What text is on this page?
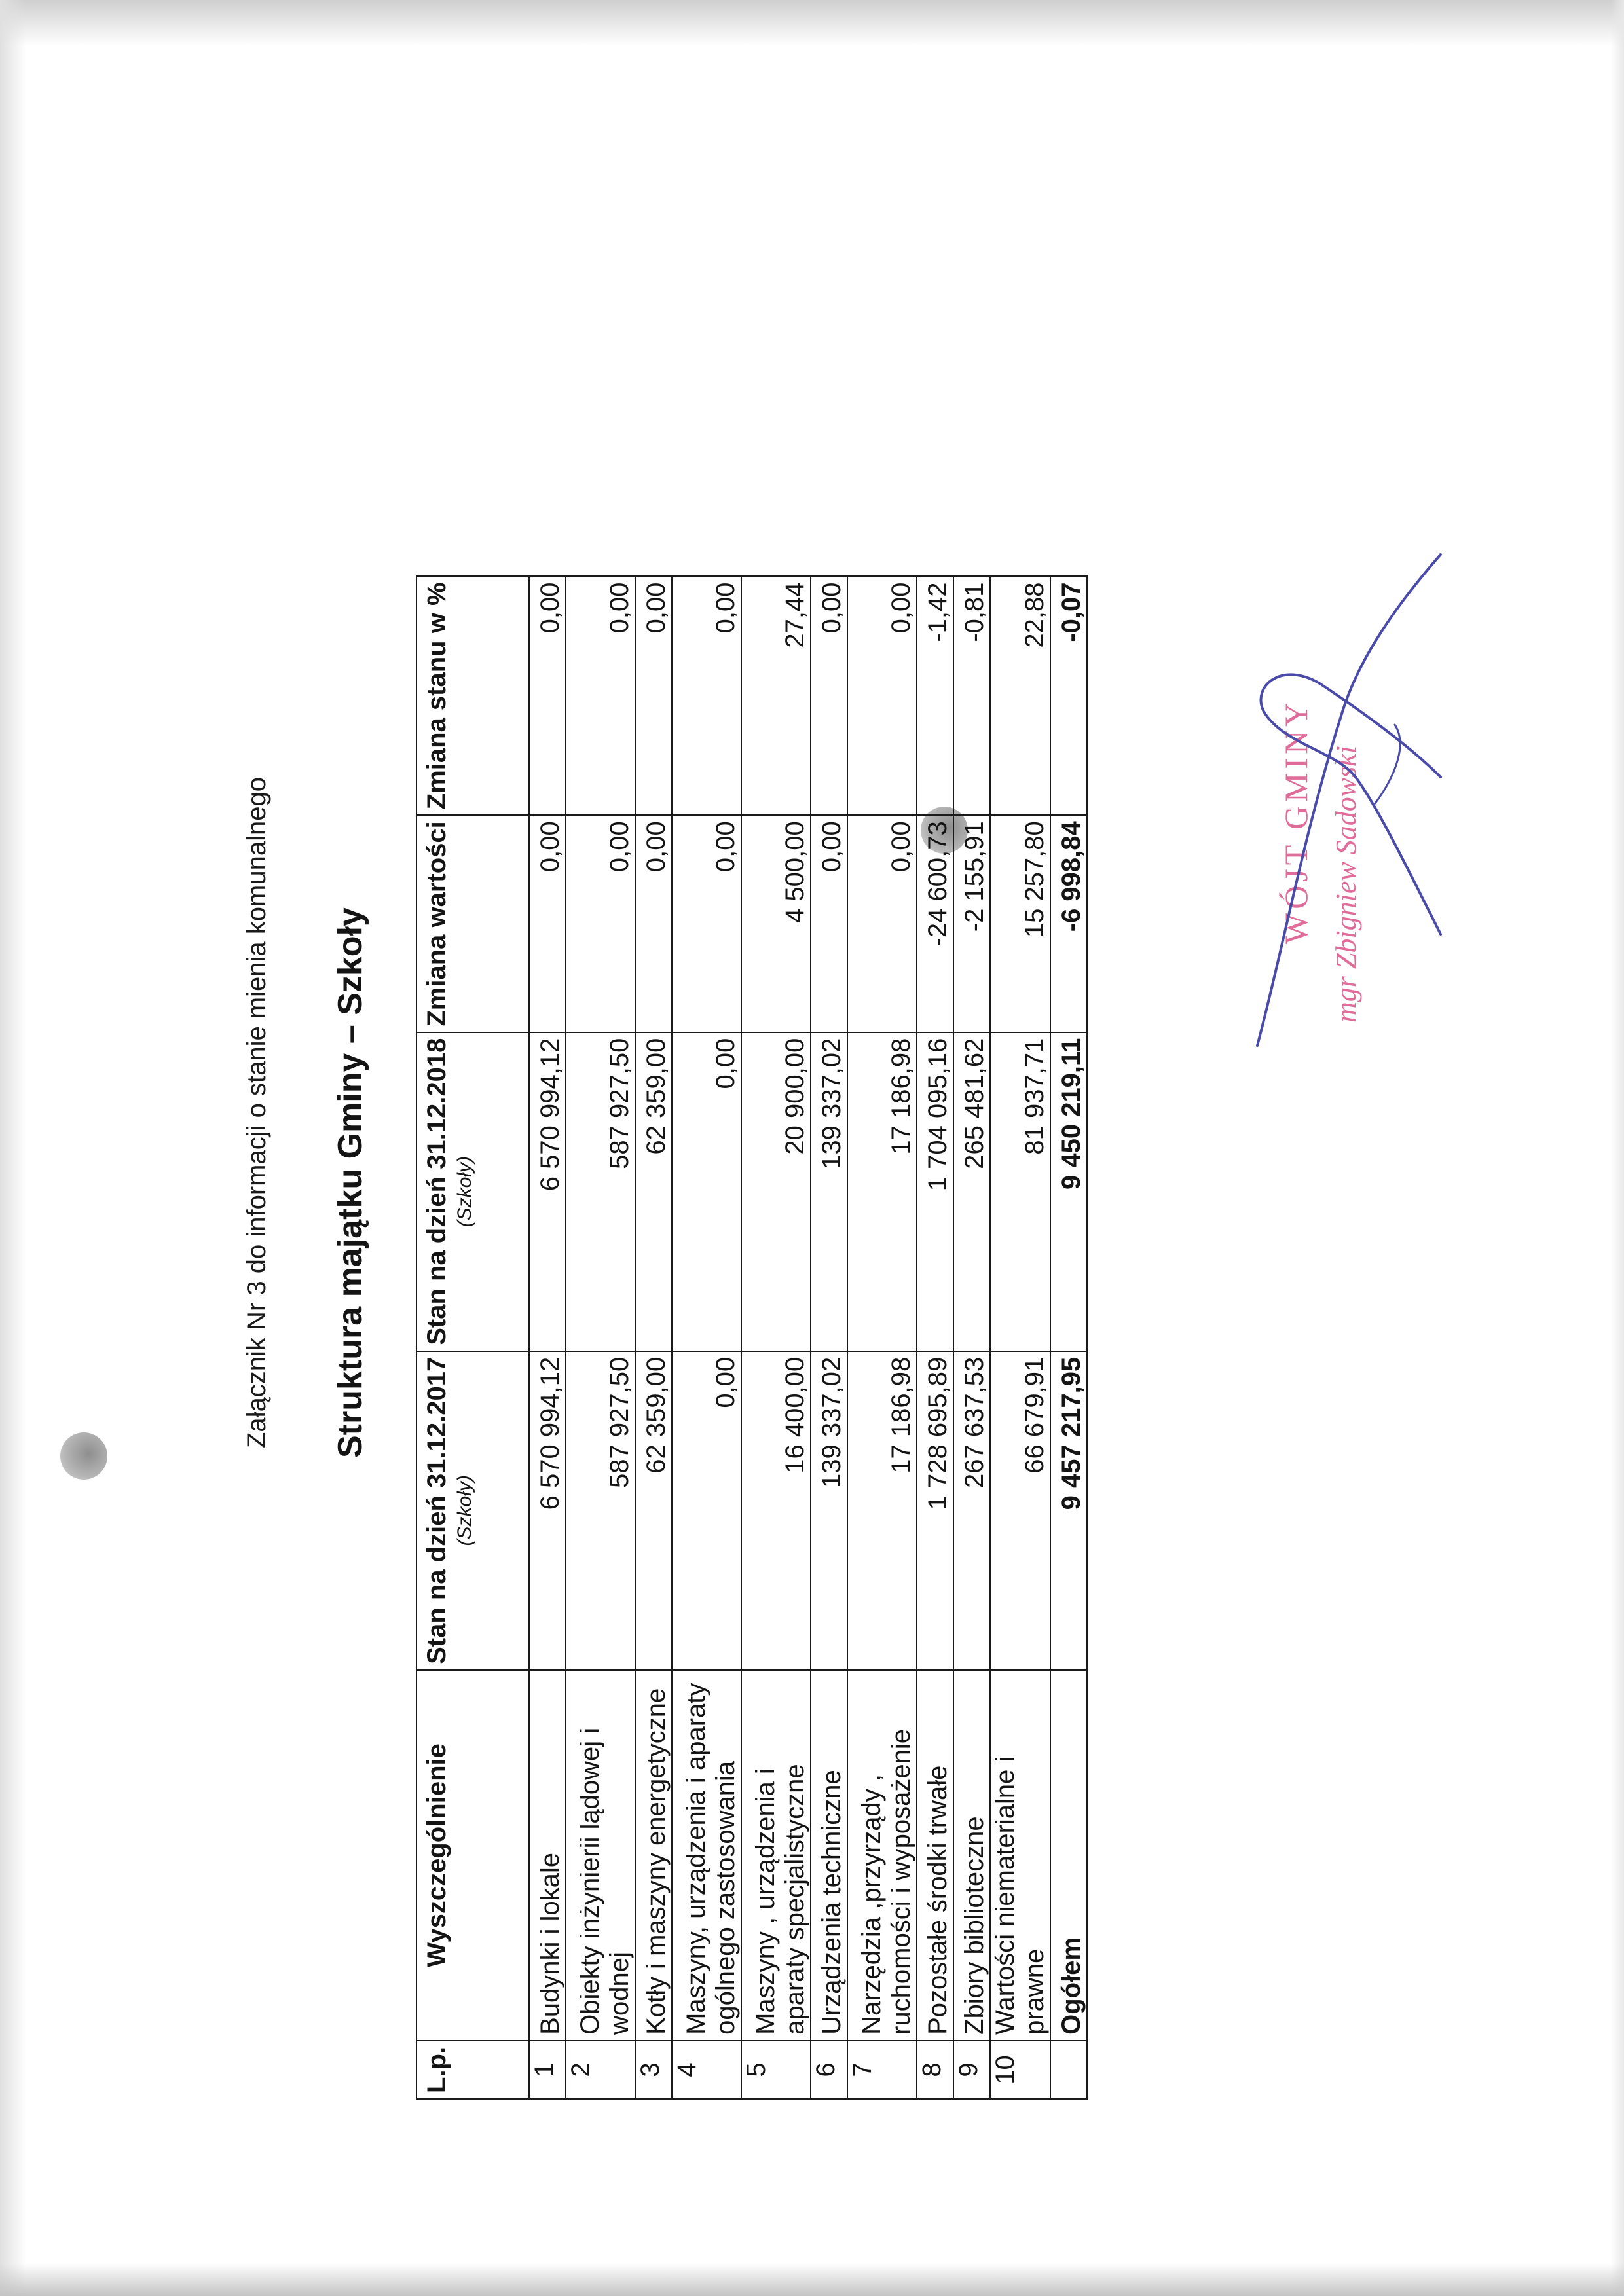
Załącznik Nr 3 do informacji o stanie mienia komunalnego Struktura majątku Gminy – Szkoły
L.p.	Wyszczególnienie	Stan na dzień 31.12.2017 (Szkoły)	Stan na dzień 31.12.2018 (Szkoły)	Zmiana wartości	Zmiana stanu w %
1	Budynki i lokale	6 570 994,12	6 570 994,12	0,00	0,00
2	Obiekty inżynierii lądowej i wodnej	587 927,50	587 927,50	0,00	0,00
3	Kotły i maszyny energetyczne	62 359,00	62 359,00	0,00	0,00
4	Maszyny, urządzenia i aparaty ogólnego zastosowania	0,00	0,00	0,00	0,00
5	Maszyny , urządzenia i aparaty specjalistyczne	16 400,00	20 900,00	4 500,00	27,44
6	Urządzenia techniczne	139 337,02	139 337,02	0,00	0,00
7	Narzędzia ,przyrządy , ruchomości i wyposażenie	17 186,98	17 186,98	0,00	0,00
8	Pozostałe środki trwałe	1 728 695,89	1 704 095,16	-24 600,73	-1,42
9	Zbiory biblioteczne	267 637,53	265 481,62	-2 155,91	-0,81
10	Wartości niematerialne i prawne	66 679,91	81 937,71	15 257,80	22,88
	Ogółem	9 457 217,95	9 450 219,11	-6 998,84	-0,07
WÓJT GMINY mgr Zbigniew Sadowski
